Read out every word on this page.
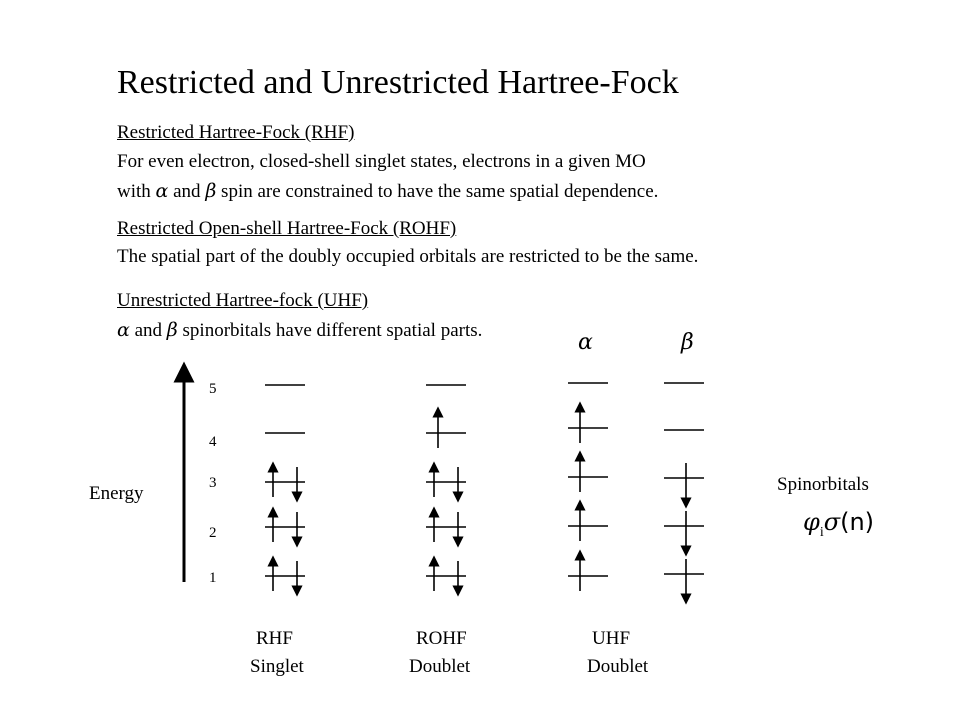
Restricted and Unrestricted Hartree-Fock
Restricted Hartree-Fock (RHF)
For even electron, closed-shell singlet states, electrons in a given MO
with α and β spin are constrained to have the same spatial dependence.
Restricted Open-shell Hartree-Fock (ROHF)
The spatial part of the doubly occupied orbitals are restricted to be the same.
Unrestricted Hartree-fock (UHF)
α and β spinorbitals have different spatial parts.
Energy
1
2
3
4
5
α	β
RHF
Singlet
ROHF
Doublet
UHF
Doublet
Spinorbitals
$\varphi_i\sigma(n)$
